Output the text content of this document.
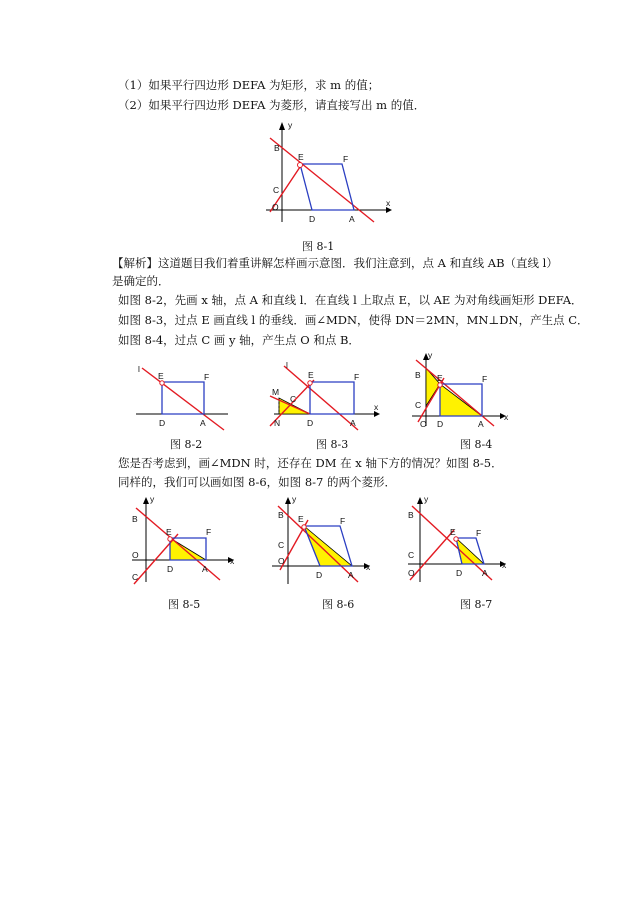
（1）如果平行四边形 DEFA 为矩形，求 m 的值；
（2）如果平行四边形 DEFA 为菱形，请直接写出 m 的值．
y
x
O
B
C
E	F
D	A
图 8-1
【解析】这道题目我们着重讲解怎样画示意图．我们注意到，点 A 和直线 AB（直线 l）
是确定的．
如图 8-2，先画 x 轴，点 A 和直线 l．在直线 l 上取点 E，以 AE 为对角线画矩形 DEFA．
如图 8-3，过点 E 画直线 l 的垂线．画∠MDN，使得 DN＝2MN，MN⊥DN，产生点 C．
如图 8-4，过点 C 画 y 轴，产生点 O 和点 B．
l
E	F
D	A
l
E	F
M
C
N	D	A
x
y
x
B
C
E	F
O D	A
图 8-2	图 8-3	图 8-4
您是否考虑到，画∠MDN 时，还存在 DM 在 x 轴下方的情况？如图 8-5．
同样的，我们可以画如图 8-6，如图 8-7 的两个菱形．
y
x
B
E	F
O
D	A
C
y
x
B E	F
C
O
D	A
y
x
B
E F
C
O	D A
图 8-5	图 8-6	图 8-7
